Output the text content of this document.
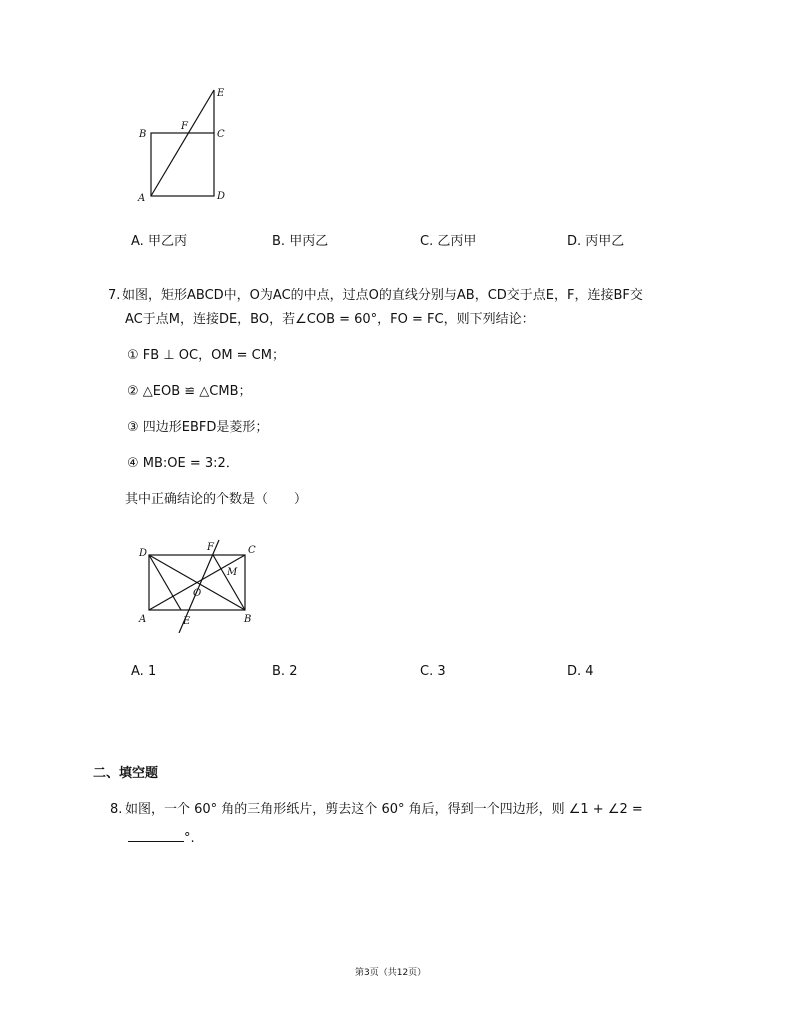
E
F
B	C
A	D
A. 甲乙丙	B. 甲丙乙	C. 乙丙甲	D. 丙甲乙
7. 如图，矩形ABCD中，O为AC的中点，过点O的直线分别与AB，CD交于点E，F，连接BF交
AC于点M，连接DE，BO，若∠COB = 60°，FO = FC，则下列结论：
① FB ⊥ OC，OM = CM；
② △EOB ≌ △CMB；
③ 四边形EBFD是菱形；
④ MB:OE = 3:2．
其中正确结论的个数是（　　）
D
F	C
M
O
A	E	B
A. 1	B. 2	C. 3	D. 4
二、填空题
8. 如图，一个 60° 角的三角形纸片，剪去这个 60° 角后，得到一个四边形，则 ∠1 + ∠2 =
°.
第3页（共12页）
